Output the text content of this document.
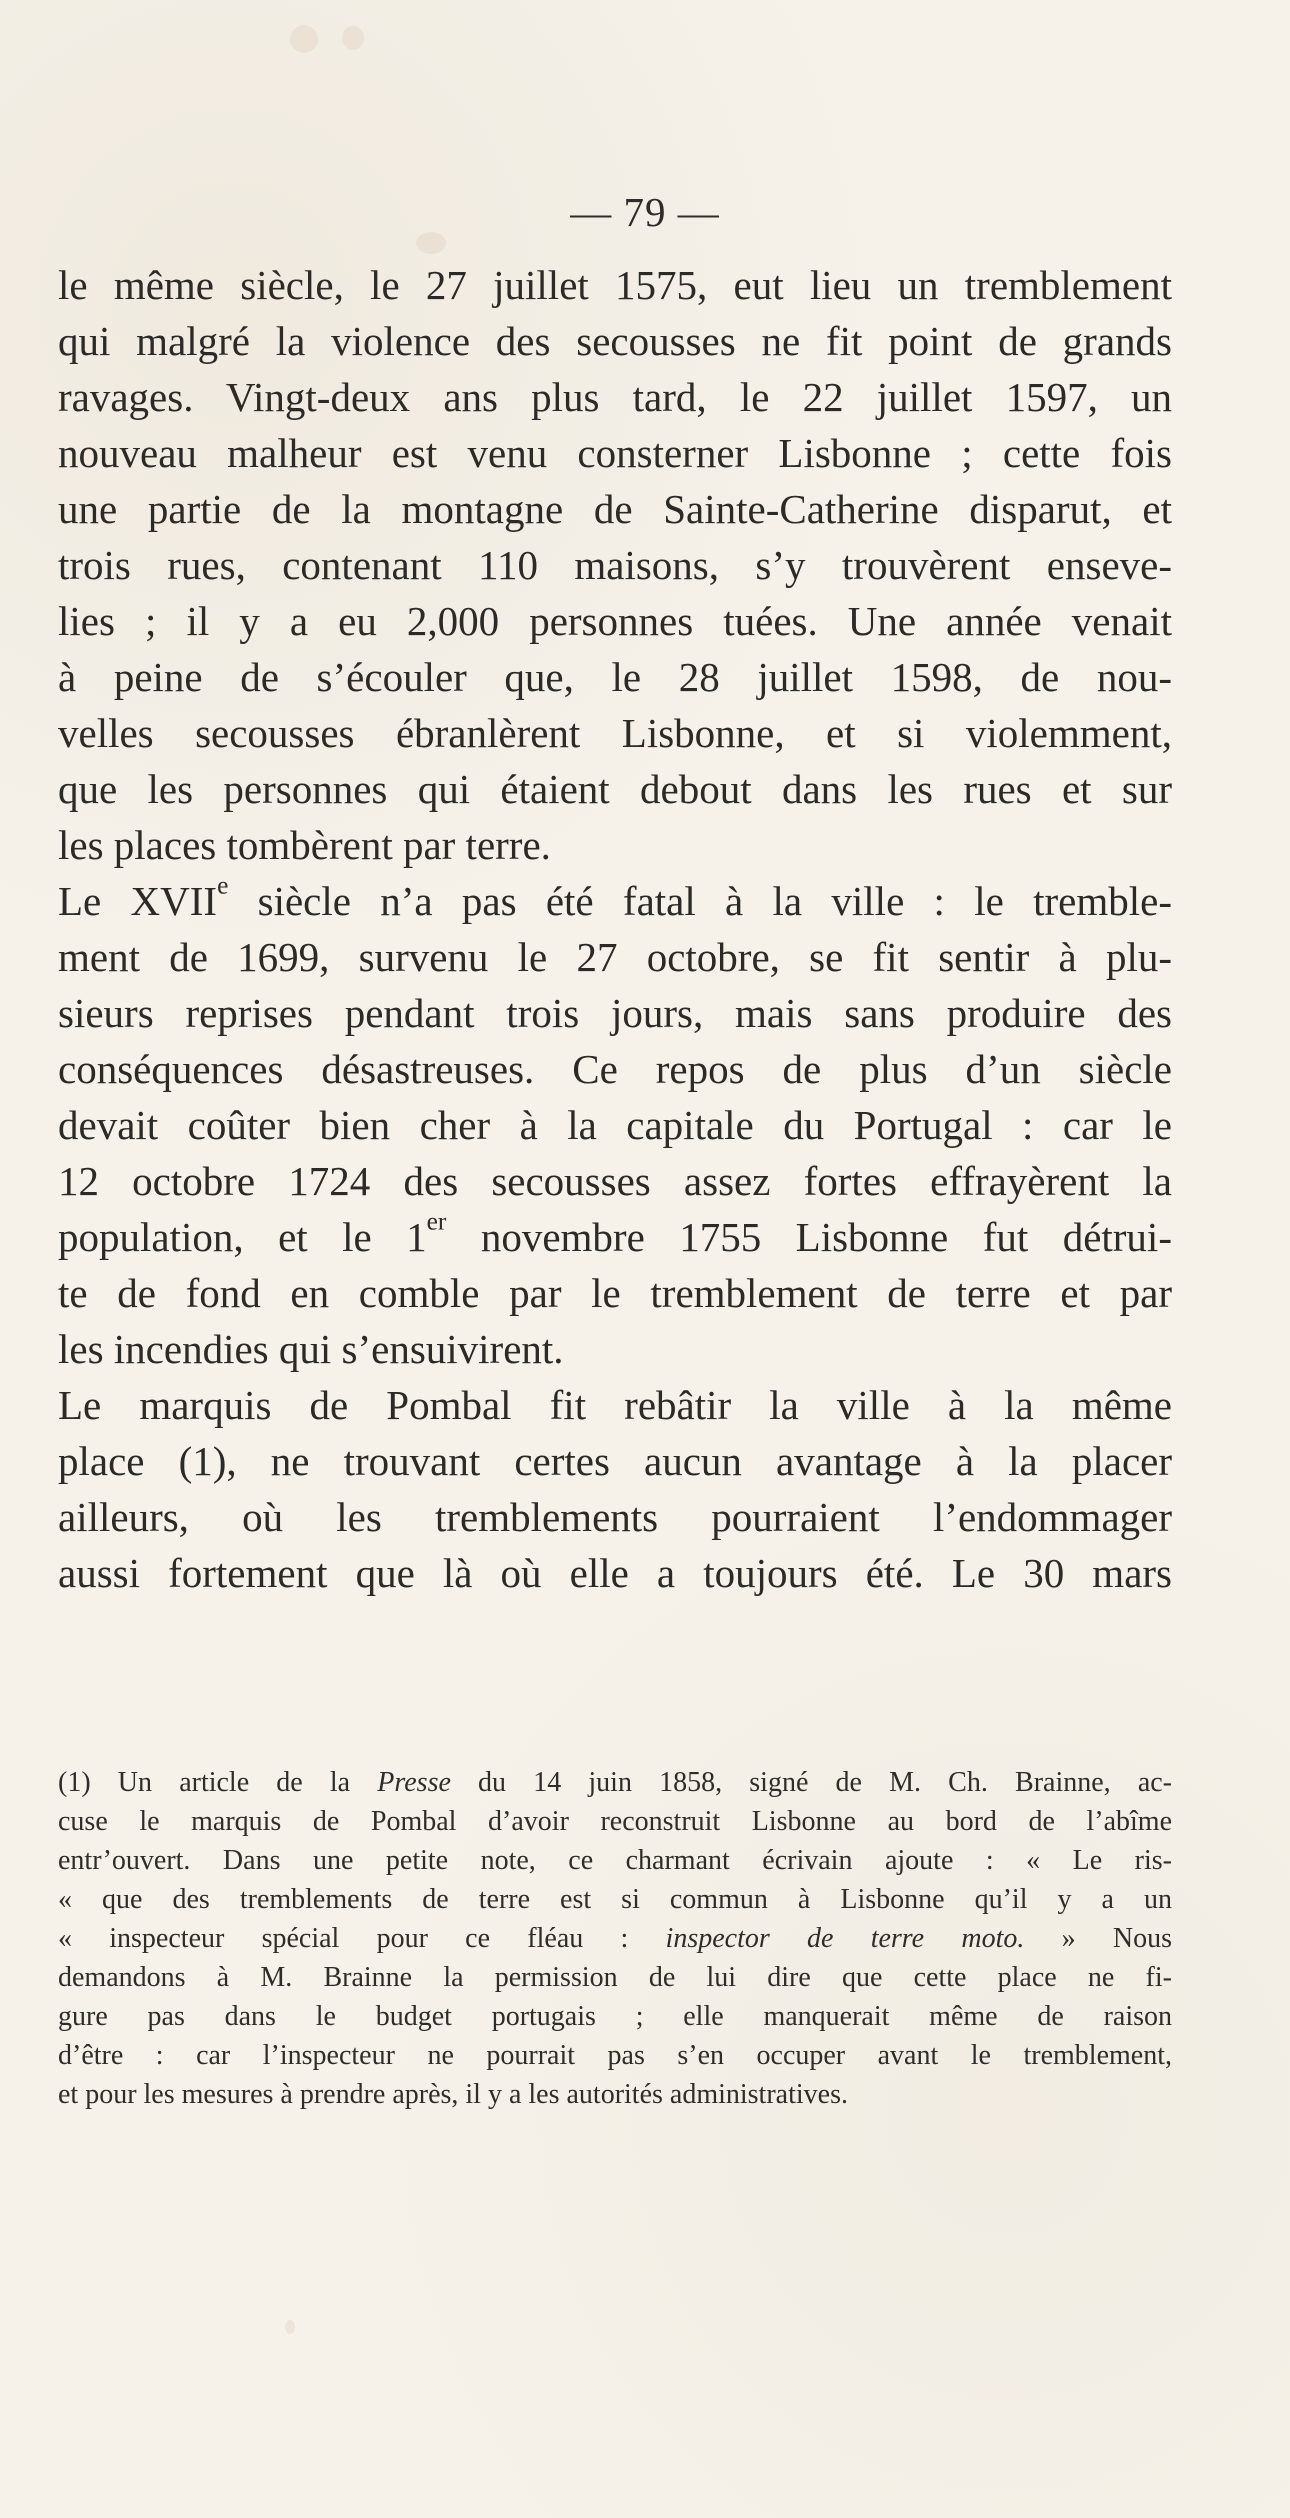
— 79 —
le même siècle, le 27 juillet 1575, eut lieu un tremblement
qui malgré la violence des secousses ne fit point de grands
ravages. Vingt-deux ans plus tard, le 22 juillet 1597, un
nouveau malheur est venu consterner Lisbonne ; cette fois
une partie de la montagne de Sainte-Catherine disparut, et
trois rues, contenant 110 maisons, s’y trouvèrent enseve-
lies ; il y a eu 2,000 personnes tuées. Une année venait
à peine de s’écouler que, le 28 juillet 1598, de nou-
velles secousses ébranlèrent Lisbonne, et si violemment,
que les personnes qui étaient debout dans les rues et sur
les places tombèrent par terre.
Le XVIIe siècle n’a pas été fatal à la ville : le tremble-
ment de 1699, survenu le 27 octobre, se fit sentir à plu-
sieurs reprises pendant trois jours, mais sans produire des
conséquences désastreuses. Ce repos de plus d’un siècle
devait coûter bien cher à la capitale du Portugal : car le
12 octobre 1724 des secousses assez fortes effrayèrent la
population, et le 1er novembre 1755 Lisbonne fut détrui-
te de fond en comble par le tremblement de terre et par
les incendies qui s’ensuivirent.
Le marquis de Pombal fit rebâtir la ville à la même
place (1), ne trouvant certes aucun avantage à la placer
ailleurs, où les tremblements pourraient l’endommager
aussi fortement que là où elle a toujours été. Le 30 mars
(1) Un article de la Presse du 14 juin 1858, signé de M. Ch. Brainne, ac-
cuse le marquis de Pombal d’avoir reconstruit Lisbonne au bord de l’abîme
entr’ouvert. Dans une petite note, ce charmant écrivain ajoute : « Le ris-
« que des tremblements de terre est si commun à Lisbonne qu’il y a un
« inspecteur spécial pour ce fléau : inspector de terre moto. » Nous
demandons à M. Brainne la permission de lui dire que cette place ne fi-
gure pas dans le budget portugais ; elle manquerait même de raison
d’être : car l’inspecteur ne pourrait pas s’en occuper avant le tremblement,
et pour les mesures à prendre après, il y a les autorités administratives.
